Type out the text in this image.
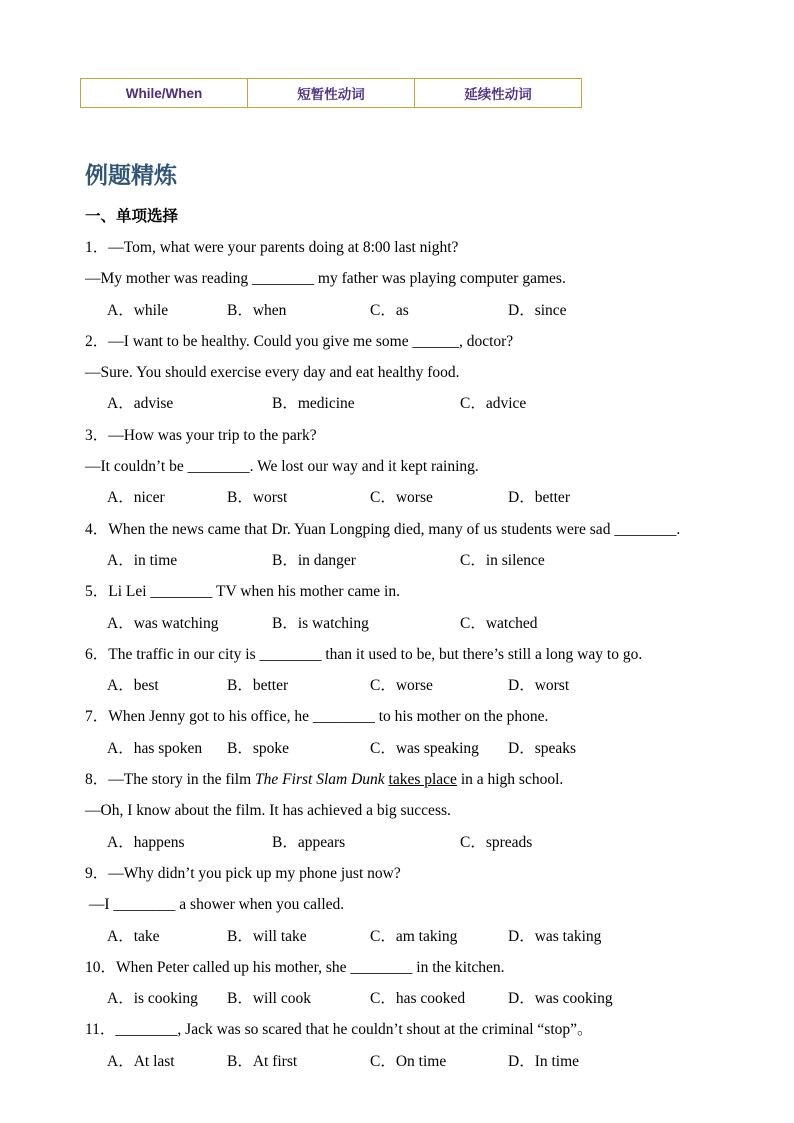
While/When	短暂性动词	延续性动词
例题精炼
一、单项选择
1．—Tom, what were your parents doing at 8:00 last night?
—My mother was reading ________ my father was playing computer games.
A．while	B．when	C．as	D．since
2．—I want to be healthy. Could you give me some ______, doctor?
—Sure. You should exercise every day and eat healthy food.
A．advise	B．medicine	C．advice
3．—How was your trip to the park?
—It couldn’t be ________. We lost our way and it kept raining.
A．nicer	B．worst	C．worse	D．better
4．When the news came that Dr. Yuan Longping died, many of us students were sad ________.
A．in time	B．in danger	C．in silence
5．Li Lei ________ TV when his mother came in.
A．was watching	B．is watching	C．watched
6．The traffic in our city is ________ than it used to be, but there’s still a long way to go.
A．best	B．better	C．worse	D．worst
7．When Jenny got to his office, he ________ to his mother on the phone.
A．has spoken	B．spoke	C．was speaking	D．speaks
8．—The story in the film The First Slam Dunk takes place in a high school.
—Oh, I know about the film. It has achieved a big success.
A．happens	B．appears	C．spreads
9．—Why didn’t you pick up my phone just now?
—I ________ a shower when you called.
A．take	B．will take	C．am taking	D．was taking
10．When Peter called up his mother, she ________ in the kitchen.
A．is cooking	B．will cook	C．has cooked	D．was cooking
11．________, Jack was so scared that he couldn’t shout at the criminal “stop”。
A．At last	B．At first	C．On time	D．In time
